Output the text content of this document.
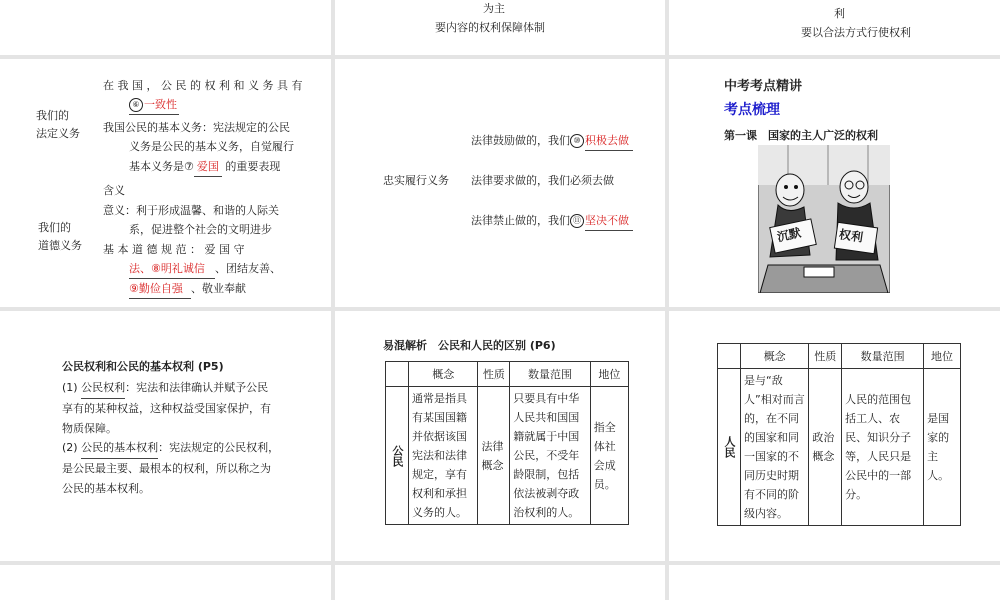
为主
要内容的权利保障体制
利
要以合法方式行使权利
我们的
法定义务
在 我 国 ， 公 民 的 权 利 和 义 务 具 有
⑥ 一致性
我国公民的基本义务：宪法规定的公民
义务是公民的基本义务，自觉履行
基本义务是⑦ 爱国 的重要表现
我们的
道德义务
含义
意义：利于形成温馨、和谐的人际关
系，促进整个社会的文明进步
基 本 道 德 规 范 ： 爱 国 守
法、⑧明礼诚信 、团结友善、
⑨勤俭自强 、敬业奉献
忠实履行义务
法律鼓励做的，我们 ⑩ 积极去做
法律要求做的，我们必须去做
法律禁止做的，我们 ⑪ 坚决不做
中考考点精讲
考点梳理
第一课　 国家的主人广泛的权利
沉默	权利
公民权利和公民的基本权利 (P5)
(1) 公民权利：宪法和法律确认并赋予公民
享有的某种权益，这种权益受国家保护，有
物质保障。
(2) 公民的基本权利：宪法规定的公民权利，
是公民最主要、最根本的权利，所以称之为
公民的基本权利。
易混解析　公民和人民的区别 (P6)
	概念	性质	数量范围	地位
公民	通常是指具有某国国籍并依据该国宪法和法律规定，享有权利和承担义务的人。	法律概念	只要具有中华人民共和国国籍就属于中国公民，不受年龄限制，包括依法被剥夺政治权利的人。	指全体社会成员。
	概念	性质	数量范围	地位
人民	是与“敌人”相对而言的，在不同的国家和同一国家的不同历史时期有不同的阶级内容。	政治概念	人民的范围包括工人、农民、知识分子等，人民只是公民中的一部分。	是国家的主人。
